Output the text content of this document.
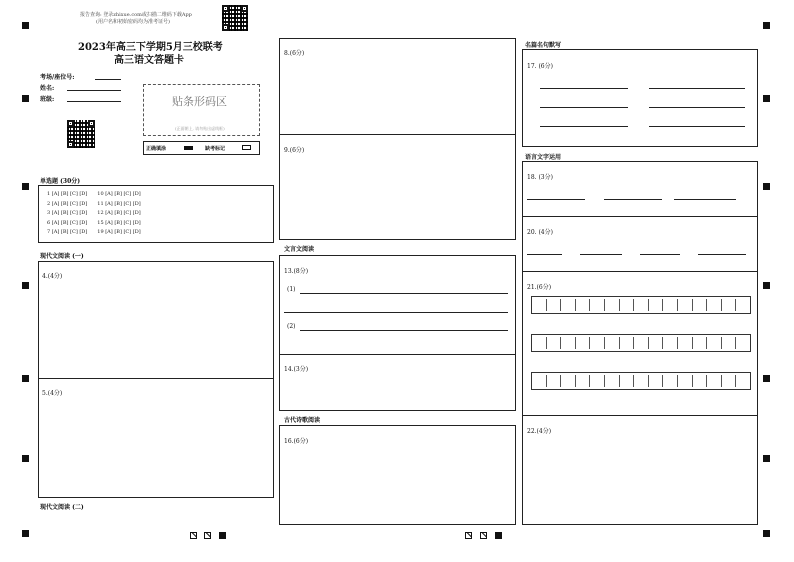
报告查询: 登录zhixue.com或扫描二维码下载App
(用户名和初始密码均为准考证号)
2023年高三下学期5月三校联考
高三语文答题卡
考场/座位号:
姓名:
班级:	贴条形码区
(正面朝上, 请勿贴出虚线框)
正确填涂	缺考标记
单选题 (30分)
1 [A] [B] [C] [D] 10 [A] [B] [C] [D]
2 [A] [B] [C] [D] 11 [A] [B] [C] [D]
3 [A] [B] [C] [D] 12 [A] [B] [C] [D]
6 [A] [B] [C] [D] 15 [A] [B] [C] [D]
7 [A] [B] [C] [D] 19 [A] [B] [C] [D]
现代文阅读 (一)
4.(4分)
5.(4分)
现代文阅读 (二)
8.(6分)
9.(6分)
文言文阅读
13.(8分)
(1)
(2)
14.(3分)
古代诗歌阅读
16.(6分)
名篇名句默写
17. (6分)
语言文字运用
18. (3分)
20. (4分)
21.(6分)
22.(4分)
